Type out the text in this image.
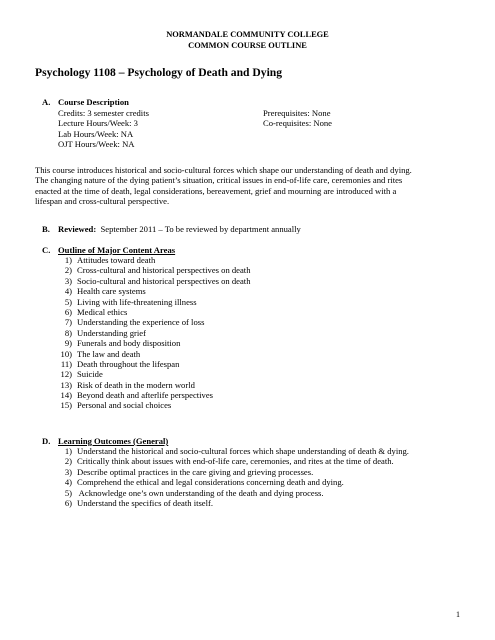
NORMANDALE COMMUNITY COLLEGE
COMMON COURSE OUTLINE
Psychology 1108 – Psychology of Death and Dying
A. Course Description
Credits: 3 semester credits
Lecture Hours/Week: 3
Lab Hours/Week: NA
OJT Hours/Week: NA
Prerequisites: None
Co-requisites: None
This course introduces historical and socio-cultural forces which shape our understanding of death and dying.
The changing nature of the dying patient’s situation, critical issues in end-of-life care, ceremonies and rites
enacted at the time of death, legal considerations, bereavement, grief and mourning are introduced with a
lifespan and cross-cultural perspective.
B. Reviewed: September 2011 – To be reviewed by department annually
C. Outline of Major Content Areas
1) Attitudes toward death
2) Cross-cultural and historical perspectives on death
3) Socio-cultural and historical perspectives on death
4) Health care systems
5) Living with life-threatening illness
6) Medical ethics
7) Understanding the experience of loss
8) Understanding grief
9) Funerals and body disposition
10) The law and death
11) Death throughout the lifespan
12) Suicide
13) Risk of death in the modern world
14) Beyond death and afterlife perspectives
15) Personal and social choices
D. Learning Outcomes (General)
1) Understand the historical and socio-cultural forces which shape understanding of death & dying.
2) Critically think about issues with end-of-life care, ceremonies, and rites at the time of death.
3) Describe optimal practices in the care giving and grieving processes.
4) Comprehend the ethical and legal considerations concerning death and dying.
5) Acknowledge one’s own understanding of the death and dying process.
6) Understand the specifics of death itself.
1
